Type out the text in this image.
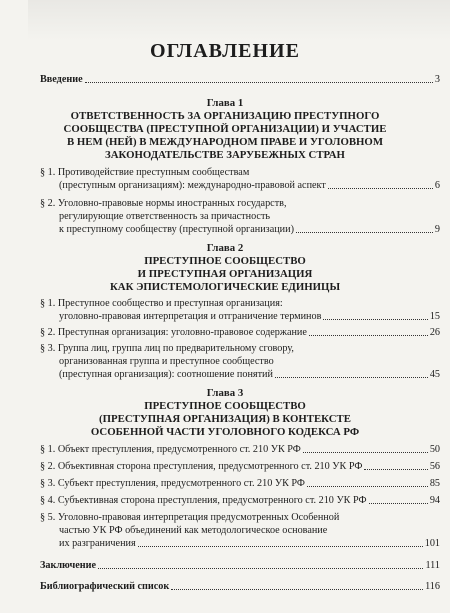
ОГЛАВЛЕНИЕ
Введение	3
Глава 1
ОТВЕТСТВЕННОСТЬ ЗА ОРГАНИЗАЦИЮ ПРЕСТУПНОГО
СООБЩЕСТВА (ПРЕСТУПНОЙ ОРГАНИЗАЦИИ) И УЧАСТИЕ
В НЕМ (НЕЙ) В МЕЖДУНАРОДНОМ ПРАВЕ И УГОЛОВНОМ
ЗАКОНОДАТЕЛЬСТВЕ ЗАРУБЕЖНЫХ СТРАН
§ 1. Противодействие преступным сообществам
(преступным организациям): международно-правовой аспект	6
§ 2. Уголовно-правовые нормы иностранных государств,
регулирующие ответственность за причастность
к преступному сообществу (преступной организации)	9
Глава 2
ПРЕСТУПНОЕ СООБЩЕСТВО
И ПРЕСТУПНАЯ ОРГАНИЗАЦИЯ
КАК ЭПИСТЕМОЛОГИЧЕСКИЕ ЕДИНИЦЫ
§ 1. Преступное сообщество и преступная организация:
уголовно-правовая интерпретация и отграничение терминов	15
§ 2. Преступная организация: уголовно-правовое содержание	26
§ 3. Группа лиц, группа лиц по предварительному сговору,
организованная группа и преступное сообщество
(преступная организация): соотношение понятий	45
Глава 3
ПРЕСТУПНОЕ СООБЩЕСТВО
(ПРЕСТУПНАЯ ОРГАНИЗАЦИЯ) В КОНТЕКСТЕ
ОСОБЕННОЙ ЧАСТИ УГОЛОВНОГО КОДЕКСА РФ
§ 1. Объект преступления, предусмотренного ст. 210 УК РФ	50
§ 2. Объективная сторона преступления, предусмотренного ст. 210 УК РФ	56
§ 3. Субъект преступления, предусмотренного ст. 210 УК РФ	85
§ 4. Субъективная сторона преступления, предусмотренного ст. 210 УК РФ	94
§ 5. Уголовно-правовая интерпретация предусмотренных Особенной
частью УК РФ объединений как методологическое основание
их разграничения	101
Заключение	111
Библиографический список	116
